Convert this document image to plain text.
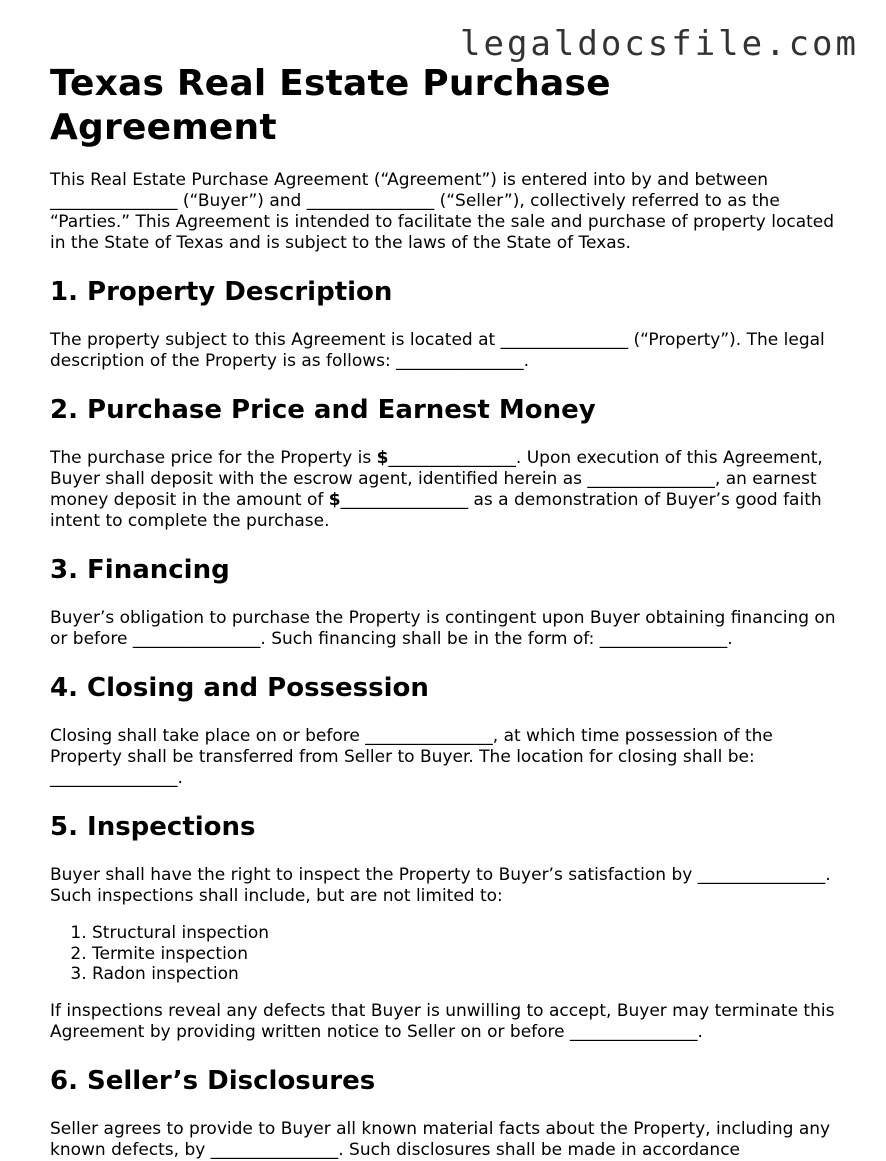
legaldocsfile.com
Texas Real Estate Purchase Agreement

This Real Estate Purchase Agreement (“Agreement”) is entered into by and between _______________ (“Buyer”) and _______________ (“Seller”), collectively referred to as the “Parties.” This Agreement is intended to facilitate the sale and purchase of property located in the State of Texas and is subject to the laws of the State of Texas.

1. Property Description

The property subject to this Agreement is located at _______________ (“Property”). The legal description of the Property is as follows: _______________.

2. Purchase Price and Earnest Money

The purchase price for the Property is $_______________. Upon execution of this Agreement, Buyer shall deposit with the escrow agent, identified herein as _______________, an earnest money deposit in the amount of $_______________ as a demonstration of Buyer’s good faith intent to complete the purchase.

3. Financing

Buyer’s obligation to purchase the Property is contingent upon Buyer obtaining financing on or before _______________. Such financing shall be in the form of: _______________.

4. Closing and Possession

Closing shall take place on or before _______________, at which time possession of the Property shall be transferred from Seller to Buyer. The location for closing shall be: _______________.

5. Inspections

Buyer shall have the right to inspect the Property to Buyer’s satisfaction by _______________. Such inspections shall include, but are not limited to:

1. Structural inspection
2. Termite inspection
3. Radon inspection

If inspections reveal any defects that Buyer is unwilling to accept, Buyer may terminate this Agreement by providing written notice to Seller on or before _______________.

6. Seller’s Disclosures

Seller agrees to provide to Buyer all known material facts about the Property, including any known defects, by _______________. Such disclosures shall be made in accordance
